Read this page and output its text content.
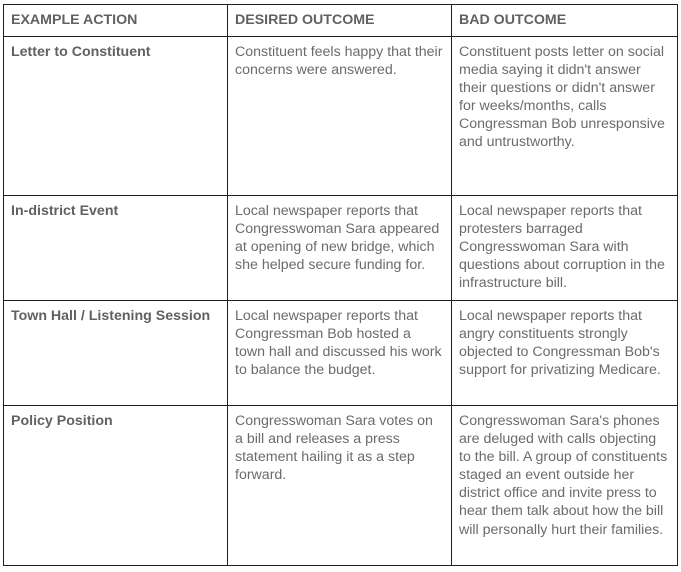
EXAMPLE ACTION	DESIRED OUTCOME	BAD OUTCOME
Letter to Constituent	Constituent feels happy that their concerns were answered.	Constituent posts letter on social media saying it didn't answer their questions or didn't answer for weeks/months, calls Congressman Bob unresponsive and untrustworthy.
In-district Event	Local newspaper reports that Congresswoman Sara appeared at opening of new bridge, which she helped secure funding for.	Local newspaper reports that protesters barraged Congresswoman Sara with questions about corruption in the infrastructure bill.
Town Hall / Listening Session	Local newspaper reports that Congressman Bob hosted a town hall and discussed his work to balance the budget.	Local newspaper reports that angry constituents strongly objected to Congressman Bob's support for privatizing Medicare.
Policy Position	Congresswoman Sara votes on a bill and releases a press statement hailing it as a step forward.	Congresswoman Sara's phones are deluged with calls objecting to the bill. A group of constituents staged an event outside her district office and invite press to hear them talk about how the bill will personally hurt their families.
